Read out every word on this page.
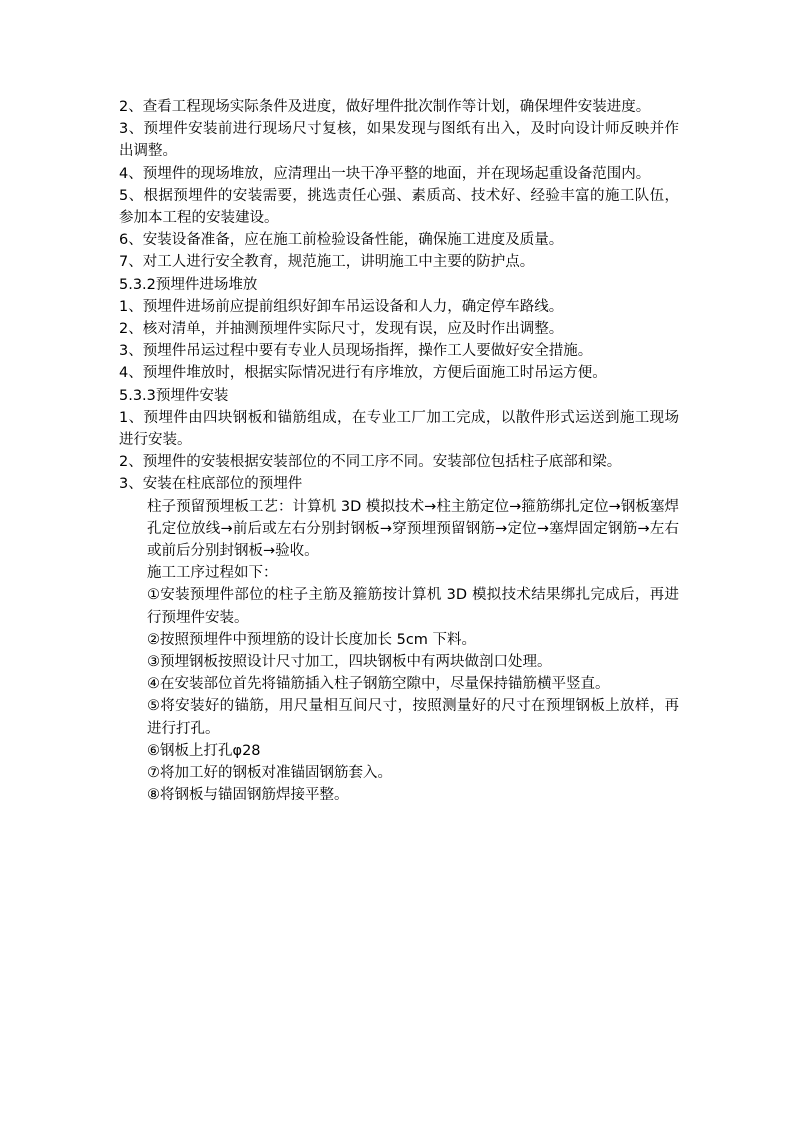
2、查看工程现场实际条件及进度，做好埋件批次制作等计划，确保埋件安装进度。

3、预埋件安装前进行现场尺寸复核，如果发现与图纸有出入，及时向设计师反映并作出调整。

4、预埋件的现场堆放，应清理出一块干净平整的地面，并在现场起重设备范围内。

5、根据预埋件的安装需要，挑选责任心强、素质高、技术好、经验丰富的施工队伍，参加本工程的安装建设。

6、安装设备准备，应在施工前检验设备性能，确保施工进度及质量。

7、对工人进行安全教育，规范施工，讲明施工中主要的防护点。

5.3.2预埋件进场堆放

1、预埋件进场前应提前组织好卸车吊运设备和人力，确定停车路线。

2、核对清单，并抽测预埋件实际尺寸，发现有误，应及时作出调整。

3、预埋件吊运过程中要有专业人员现场指挥，操作工人要做好安全措施。

4、预埋件堆放时，根据实际情况进行有序堆放，方便后面施工时吊运方便。

5.3.3预埋件安装

1、预埋件由四块钢板和锚筋组成，在专业工厂加工完成，以散件形式运送到施工现场进行安装。

2、预埋件的安装根据安装部位的不同工序不同。安装部位包括柱子底部和梁。

3、安装在柱底部位的预埋件

柱子预留预埋板工艺：计算机 3D 模拟技术→柱主筋定位→箍筋绑扎定位→钢板塞焊孔定位放线→前后或左右分别封钢板→穿预埋预留钢筋→定位→塞焊固定钢筋→左右或前后分别封钢板→验收。

施工工序过程如下：

①安装预埋件部位的柱子主筋及箍筋按计算机 3D 模拟技术结果绑扎完成后，再进行预埋件安装。

②按照预埋件中预埋筋的设计长度加长 5cm 下料。

③预埋钢板按照设计尺寸加工，四块钢板中有两块做剖口处理。

④在安装部位首先将锚筋插入柱子钢筋空隙中，尽量保持锚筋横平竖直。

⑤将安装好的锚筋，用尺量相互间尺寸，按照测量好的尺寸在预埋钢板上放样，再进行打孔。

⑥钢板上打孔φ28

⑦将加工好的钢板对准锚固钢筋套入。

⑧将钢板与锚固钢筋焊接平整。
